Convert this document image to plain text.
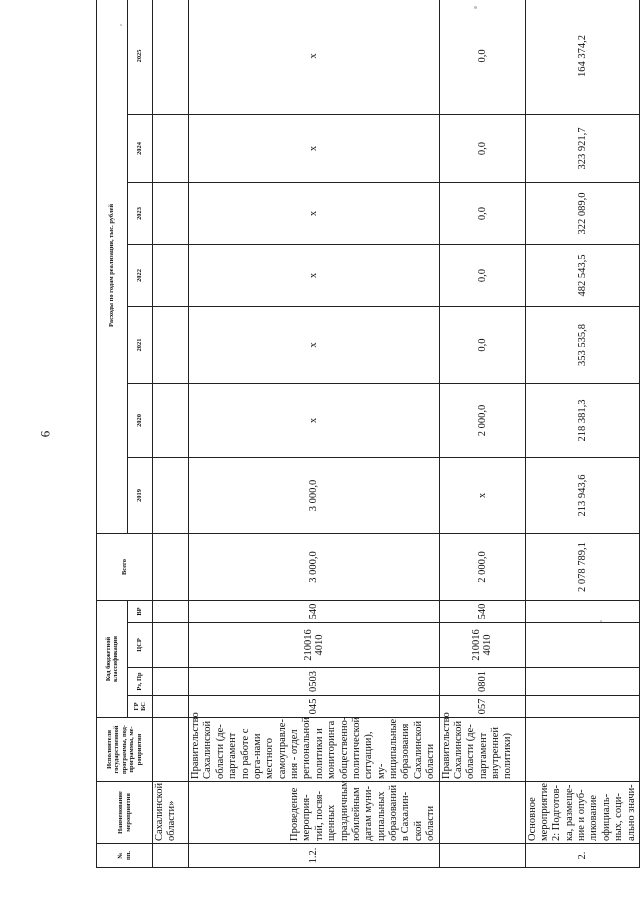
6
№
пп.	Наименование
мероприятия	Исполнители
государственной
программы, под-
программы, ме-
роприятия	Код бюджетной
классификации				Всего	Расходы по годам реализации, тыс. рублей						
			ГР
БС	Рз, Пр	ЦСР	ВР		2019	2020	2021	2022	2023	2024	2025
	Сахалинской области»													
1.2.	Проведение мероприя-тий, посвя-щенных праздничным юбилейным датам муни-ципальных образований в Сахалин-ской области	Правительство Сахалинской области (де-партамент по работе с орга-нами местного самоуправле-ния - отдел региональной политики и мониторинга общественно-политической ситуации), му-ниципальные образования Сахалинской области	045	0503	210016 4010	540	3 000,0	3 000,0	x	x	x	x	x	x
		Правительство Сахалинской области (де-партамент внутренней политики)	057	0801	210016 4010	540	2 000,0	x	2 000,0	0,0	0,0	0,0	0,0	0,0
2.	Основное мероприятие 2: Подготов-ка, размеще-ние и опуб-ликование официаль-ных, соци-ально значи-						2 078 789,1	213 943,6	218 381,3	353 535,8	482 543,5	322 089,0	323 921,7	164 374,2
